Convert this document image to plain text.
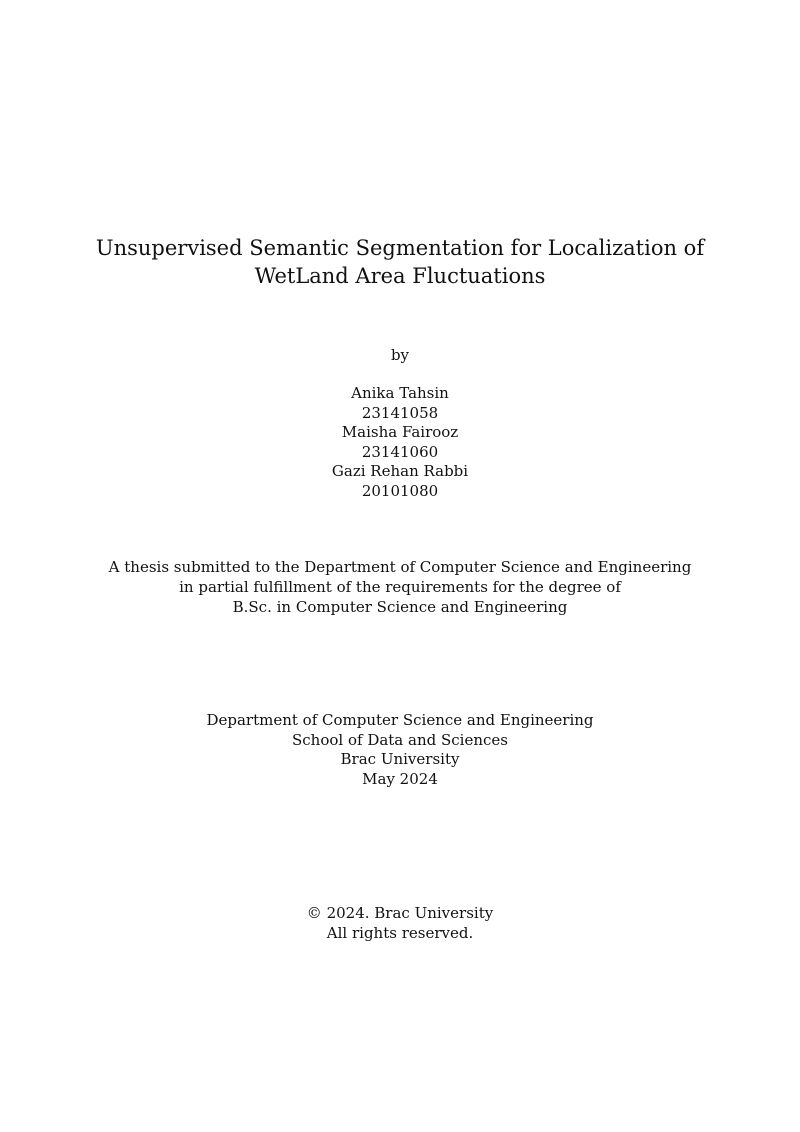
Unsupervised Semantic Segmentation for Localization of
WetLand Area Fluctuations
by
Anika Tahsin
23141058
Maisha Fairooz
23141060
Gazi Rehan Rabbi
20101080
A thesis submitted to the Department of Computer Science and Engineering
in partial fulfillment of the requirements for the degree of
B.Sc. in Computer Science and Engineering
Department of Computer Science and Engineering
School of Data and Sciences
Brac University
May 2024
© 2024. Brac University
All rights reserved.
